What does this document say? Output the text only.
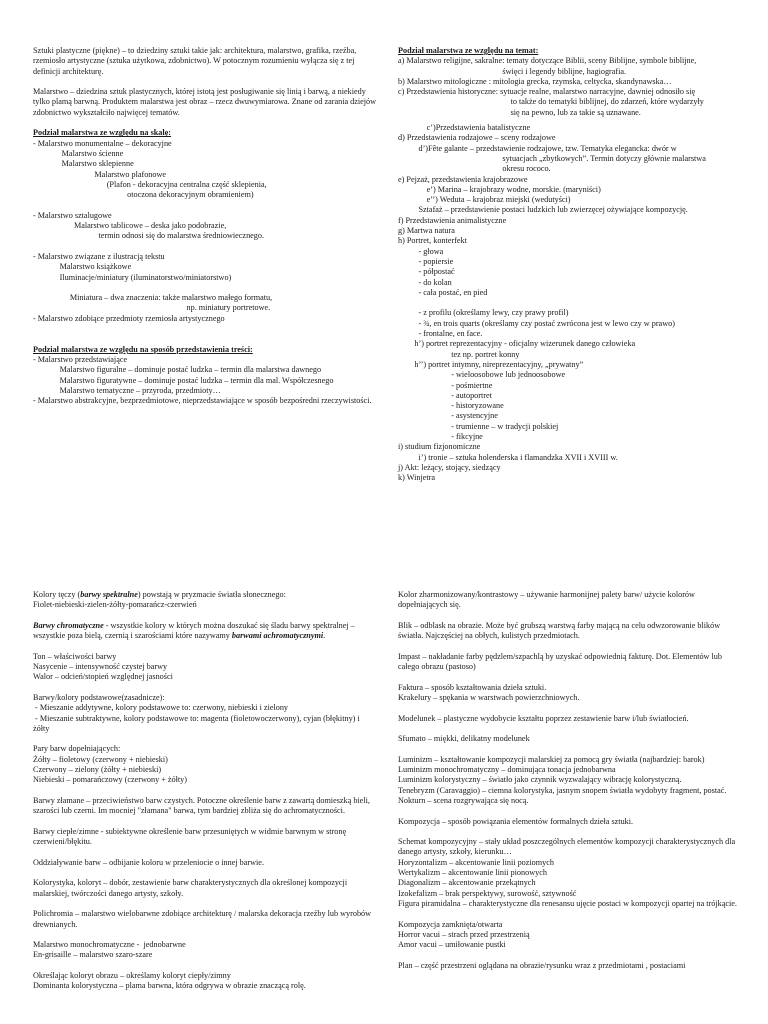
Sztuki plastyczne (piękne) – to dziedziny sztuki takie jak: architektura, malarstwo, grafika, rzeźba, rzemiosło artystyczne (sztuka użytkowa, zdobnictwo). W potocznym rozumieniu wyłącza się z tej definicji architekturę.

Malarstwo – dziedzina sztuk plastycznych, której istotą jest posługiwanie się linią i barwą, a niekiedy tylko plamą barwną. Produktem malarstwa jest obraz – rzecz dwuwymiarowa. Znane od zarania dziejów zdobnictwo wykształciło najwięcej tematów.

Podział malarstwa ze względu na skalę:

- Malarstwo monumentalne – dekoracyjne

Malarstwo ścienne

Malarstwo sklepienne

Malarstwo plafonowe

(Plafon - dekoracyjna centralna część sklepienia,

otoczona dekoracyjnym obramieniem)

- Malarstwo sztalugowe

Malarstwo tablicowe – deska jako podobrazie,

termin odnosi się do malarstwa średniowiecznego.

- Malarstwo związane z ilustracją tekstu

Malarstwo książkowe

Iluminacje/miniatury (iluminatorstwo/miniatorstwo)

Miniatura – dwa znaczenia: także malarstwo małego formatu,

np. miniatury portretowe.

- Malarstwo zdobiące przedmioty rzemiosła artystycznego

Podział malarstwa ze względu na sposób przedstawienia treści:

- Malarstwo przedstawiające

Malarstwo figuralne – dominuje postać ludzka – termin dla malarstwa dawnego

Malarstwo figuratywne – dominuje postać ludzka – termin dla mal. Współczesnego

Malarstwo tematyczne – przyroda, przedmioty…

- Malarstwo abstrakcyjne, bezprzedmiotowe, nieprzedstawiające w sposób bezpośredni rzeczywistości.

Podział malarstwa ze względu na temat:

a) Malarstwo religijne, sakralne: tematy dotyczące Biblii, sceny Biblijne, symbole biblijne,

święci i legendy biblijne, hagiografia.

b) Malarstwo mitologiczne : mitologia grecka, rzymska, celtycka, skandynawska…

c) Przedstawienia historyczne: sytuacje realne, malarstwo narracyjne, dawniej odnosiło się

to także do tematyki biblijnej, do zdarzeń, które wydarzyły

się na pewno, lub za takie są uznawane.

c’)Przedstawienia batalistyczne

d) Przedstawienia rodzajowe – sceny rodzajowe

d’)Fête galante – przedstawienie rodzajowe, tzw. Tematyka elegancka: dwór w

sytuacjach „zbytkowych”. Termin dotyczy głównie malarstwa

okresu rococo.

e) Pejzaż, przedstawienia krajobrazowe

e’) Marina – krajobrazy wodne, morskie. (maryniści)

e’’) Weduta – krajobraz miejski (wedutyści)

Sztafaż – przedstawienie postaci ludzkich lub zwierzęcej ożywiające kompozycję.

f) Przedstawienia animalistyczne

g) Martwa natura

h) Portret, konterfekt

- głowa

- popiersie

- półpostać

- do kolan

- cała postać, en pied

- z profilu (określamy lewy, czy prawy profil)

- ¾, en trois quarts (określamy czy postać zwrócona jest w lewo czy w prawo)

- frontalne, en face.

h’) portret reprezentacyjny - oficjalny wizerunek danego człowieka

tez np. portret konny

h’’) portret intymny, nireprezentacyjny, „prywatny”

- wieloosobowe lub jednoosobowe

- pośmiertne

- autoportret

- historyzowane

- asystencyjne

- trumienne – w tradycji polskiej

- fikcyjne

i) studium fizjonomiczne

i’) tronie – sztuka holenderska i flamandzka XVII i XVIII w.

j) Akt: leżący, stojący, siedzący

k) Winjetra

Kolory tęczy (barwy spektralne) powstają w pryzmacie światła słonecznego:

Fiolet-niebieski-zielen-żółty-pomarańcz-czerwień

Barwy chromatyczne - wszystkie kolory w których można doszukać się śladu barwy spektralnej – wszystkie poza bielą, czernią i szarościami które nazywamy barwami achromatycznymi.

Ton – właściwości barwy

Nasycenie – intensywność czystej barwy

Walor – odcień/stopień względnej jasności

Barwy/kolory podstawowe(zasadnicze):

- Mieszanie addytywne, kolory podstawowe to: czerwony, niebieski i zielony

- Mieszanie subtraktywne, kolory podstawowe to: magenta (fioletowoczerwony), cyjan (błękitny) i żółty

Pary barw dopełniających:

Żółty – fioletowy (czerwony + niebieski)

Czerwony – zielony (żółty + niebieski)

Niebieski – pomarańczowy (czerwony + żółty)

Barwy złamane – przeciwieństwo barw czystych. Potoczne określenie barw z zawartą domieszką bieli, szarości lub czerni. Im mocniej "złamana" barwa, tym bardziej zbliża się do achromatyczności.

Barwy ciepłe/zimne - subiektywne określenie barw przesuniętych w widmie barwnym w stronę czerwieni/błękitu.

Oddziaływanie barw – odbijanie koloru w przeleniocie o innej barwie.

Kolorystyka, koloryt – dobór, zestawienie barw charakterystycznych dla określonej kompozycji malarskiej, twórczości danego artysty, szkoły.

Polichromia – malarstwo wielobarwne zdobiące architekturę / malarska dekoracja rzeźby lub wyrobów drewnianych.

Malarstwo monochromatyczne -  jednobarwne

En-grisaille – malarstwo szaro-szare

Określając koloryt obrazu – określamy koloryt ciepły/zimny

Dominanta kolorystyczna – plama barwna, która odgrywa w obrazie znaczącą rolę.

Kolor zharmonizowany/kontrastowy – używanie harmonijnej palety barw/ użycie kolorów dopełniających się.

Blik – odblask na obrazie. Może być grubszą warstwą farby mającą na celu odwzorowanie blików światła. Najczęściej na obłych, kulistych przedmiotach.

Impast – nakładanie farby pędzlem/szpachlą by uzyskać odpowiednią fakturę. Dot. Elementów lub całego obrazu (pastoso)

Faktura – sposób kształtowania dzieła sztuki.

Krakelury – spękania w warstwach powierzchniowych.

Modelunek – plastyczne wydobycie kształtu poprzez zestawienie barw i/lub światłocień.

Sfumato – miękki, delikatny modelunek

Luminizm – kształtowanie kompozycji malarskiej za pomocą gry światła (najbardziej: barok)

Luminizm monochromatyczny – dominująca tonacja jednobarwna

Luminizm kolorystyczny – światło jako czynnik wyzwalający wibrację kolorystyczną.

Tenebryzm (Caravaggio) – ciemna kolorystyka, jasnym snopem światła wydobyty fragment, postać.

Nokturn – scena rozgrywająca się nocą.

Kompozycja – sposób powiązania elementów formalnych dzieła sztuki.

Schemat kompozycyjny – stały układ poszczególnych elementów kompozycji charakterystycznych dla danego artysty, szkoły, kierunku…

Horyzontalizm – akcentowanie linii poziomych

Wertykalizm – akcentowanie linii pionowych

Diagonalizm – akcentowanie przekątnych

Izokefalizm – brak perspektywy, surowość, sztywność

Figura piramidalna – charakterystyczne dla renesansu ujęcie postaci w kompozycji opartej na trójkącie.

Kompozycja zamknięta/otwarta

Horror vacui – strach przed przestrzenią

Amor vacui – umiłowanie pustki

Plan – część przestrzeni oglądana na obrazie/rysunku wraz z przedmiotami , postaciami
